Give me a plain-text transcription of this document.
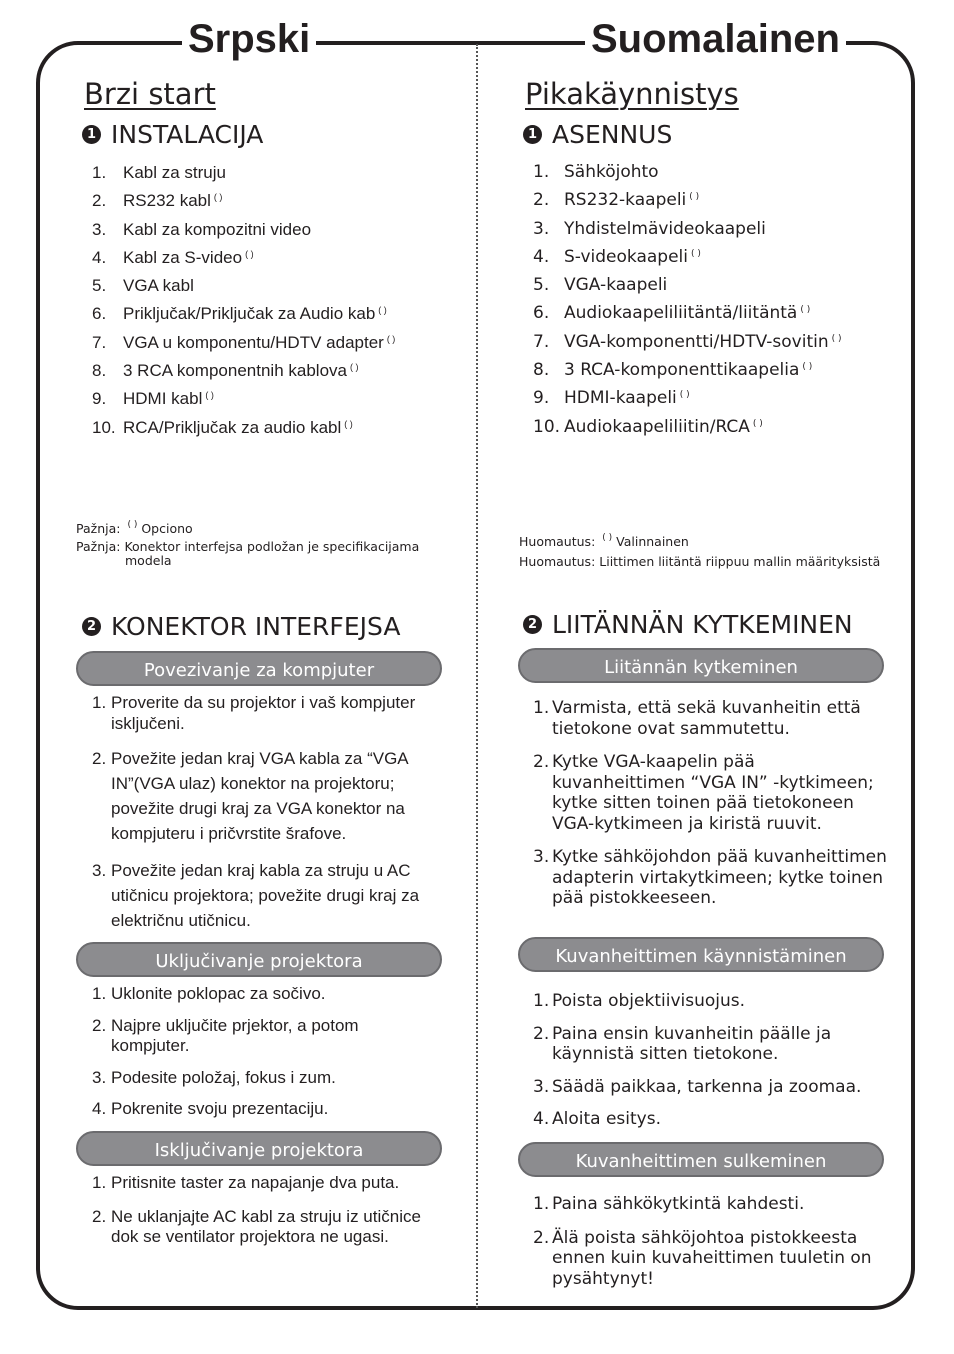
Srpski	Suomalainen
Brzi start
1 INSTALACIJA
1. Kabl za struju
2. RS232 kabl ( )
3. Kabl za kompozitni video
4. Kabl za S-video ( )
5. VGA kabl
6. Priključak/Priključak za Audio kab ( )
7. VGA u komponentu/HDTV adapter ( )
8. 3 RCA komponentnih kablova ( )
9. HDMI kabl ( )
10. RCA/Priključak za audio kabl ( )
Pažnja: ( ) Opciono
Pažnja: Konektor interfejsa podložan je specifikacijama
modela
2 KONEKTOR INTERFEJSA
Povezivanje za kompjuter
1. Proverite da su projektor i vaš kompjuter isključeni.
2. Povežite jedan kraj VGA kabla za “VGA IN”(VGA ulaz) konektor na projektoru; povežite drugi kraj za VGA konektor na kompjuteru i pričvrstite šrafove.
3. Povežite jedan kraj kabla za struju u AC utičnicu projektora; povežite drugi kraj za električnu utičnicu.
Uključivanje projektora
1. Uklonite poklopac za sočivo.
2. Najpre uključite prjektor, a potom kompjuter.
3. Podesite položaj, fokus i zum.
4. Pokrenite svoju prezentaciju.
Isključivanje projektora
1. Pritisnite taster za napajanje dva puta.
2. Ne uklanjajte AC kabl za struju iz utičnice dok se ventilator projektora ne ugasi.
Pikakäynnistys
1 ASENNUS
1. Sähköjohto
2. RS232-kaapeli ( )
3. Yhdistelmävideokaapeli
4. S-videokaapeli ( )
5. VGA-kaapeli
6. Audiokaapeliliitäntä/liitäntä ( )
7. VGA-komponentti/HDTV-sovitin ( )
8. 3 RCA-komponenttikaapelia ( )
9. HDMI-kaapeli ( )
10. Audiokaapeliliitin/RCA ( )
Huomautus: ( ) Valinnainen
Huomautus: Liittimen liitäntä riippuu mallin määrityksistä
2 LIITÄNNÄN KYTKEMINEN
Liitännän kytkeminen
1. Varmista, että sekä kuvanheitin että tietokone ovat sammutettu.
2. Kytke VGA-kaapelin pää kuvanheittimen “VGA IN” -kytkimeen; kytke sitten toinen pää tietokoneen VGA-kytkimeen ja kiristä ruuvit.
3. Kytke sähköjohdon pää kuvanheittimen adapterin virtakytkimeen; kytke toinen pää pistokkeeseen.
Kuvanheittimen käynnistäminen
1. Poista objektiivisuojus.
2. Paina ensin kuvanheitin päälle ja käynnistä sitten tietokone.
3. Säädä paikkaa, tarkenna ja zoomaa.
4. Aloita esitys.
Kuvanheittimen sulkeminen
1. Paina sähkökytkintä kahdesti.
2. Älä poista sähköjohtoa pistokkeesta ennen kuin kuvaheittimen tuuletin on pysähtynyt!
